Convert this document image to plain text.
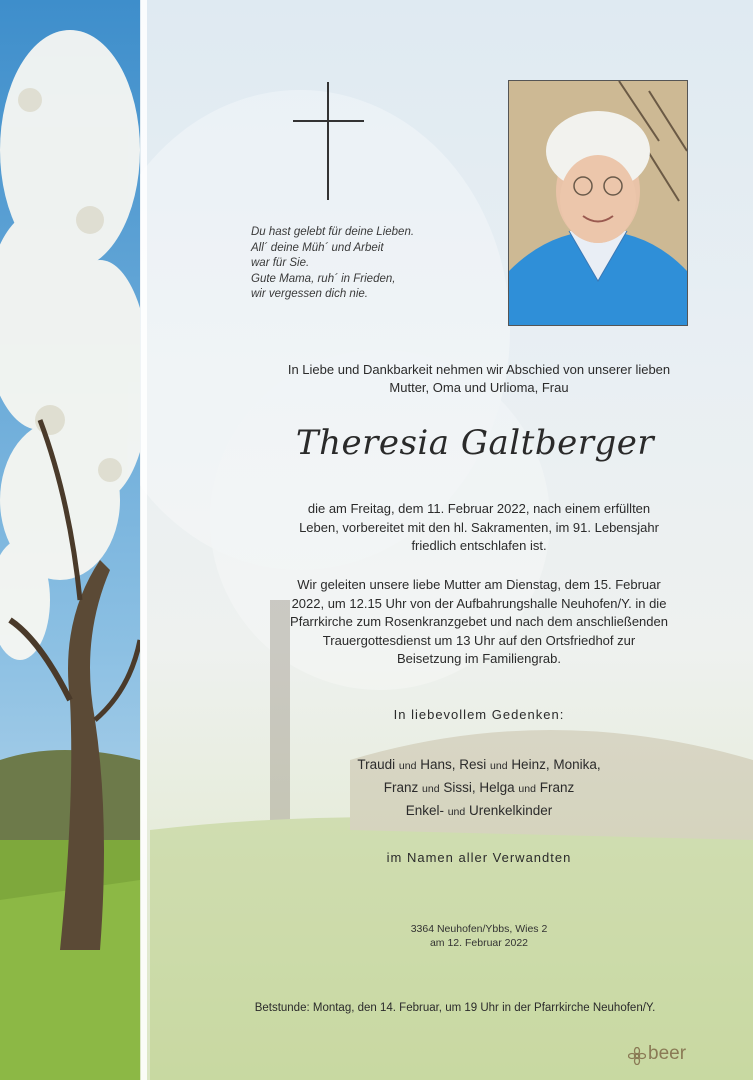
Du hast gelebt für deine Lieben.
All´ deine Müh´ und Arbeit
war für Sie.
Gute Mama, ruh´ in Frieden,
wir vergessen dich nie.
In Liebe und Dankbarkeit nehmen wir Abschied von unserer lieben
Mutter, Oma und Urlioma, Frau
Theresia Galtberger
die am Freitag, dem 11. Februar 2022, nach einem erfüllten
Leben, vorbereitet mit den hl. Sakramenten, im 91. Lebensjahr
friedlich entschlafen ist.
Wir geleiten unsere liebe Mutter am Dienstag, dem 15. Februar
2022, um 12.15 Uhr von der Aufbahrungshalle Neuhofen/Y. in die
Pfarrkirche zum Rosenkranzgebet und nach dem anschließenden
Trauergottesdienst um 13 Uhr auf den Ortsfriedhof zur
Beisetzung im Familiengrab.
In liebevollem Gedenken:
Traudi und Hans, Resi und Heinz, Monika,
Franz und Sissi, Helga und Franz
Enkel- und Urenkelkinder
im Namen aller Verwandten
3364 Neuhofen/Ybbs, Wies 2
am 12. Februar 2022
Betstunde: Montag, den 14. Februar, um 19 Uhr in der Pfarrkirche Neuhofen/Y.
beer
